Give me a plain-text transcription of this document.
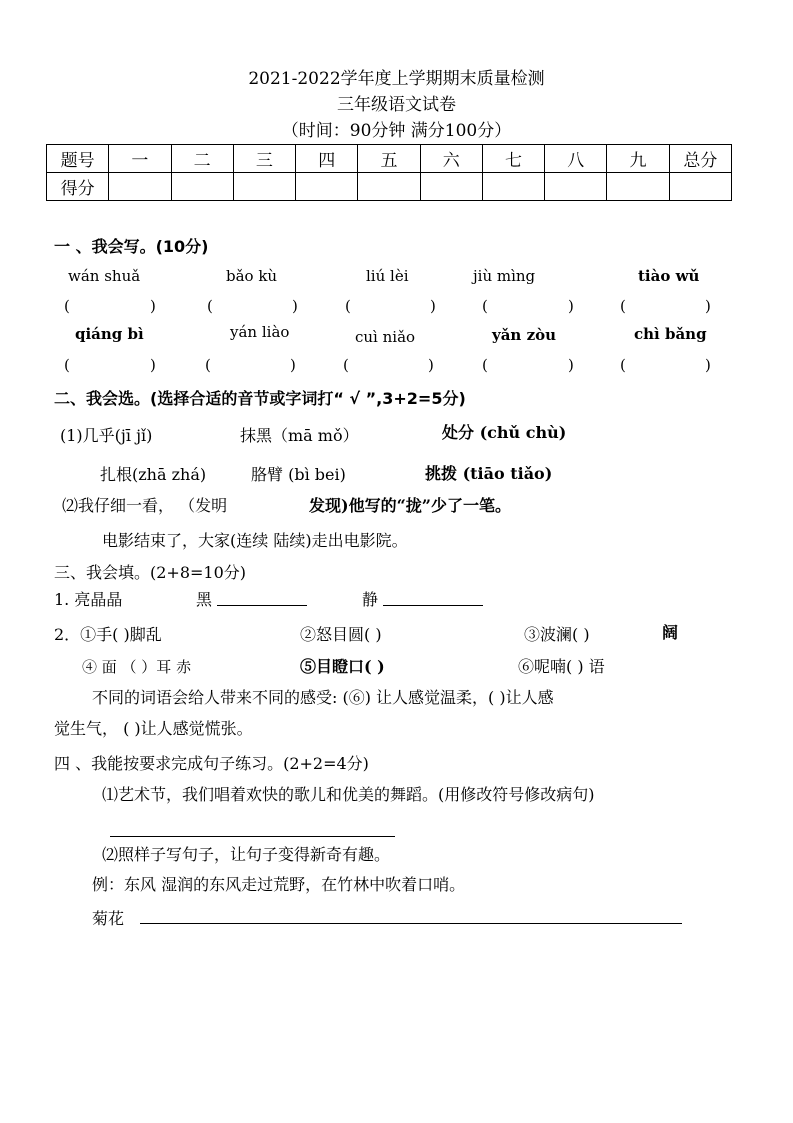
2021-2022学年度上学期期末质量检测
三年级语文试卷
（时间：90分钟 满分100分）
题号	一	二	三	四	五	六	七	八	九	总分
得分										
一 、我会写。(10分)
wán shuǎ	bǎo kù	liú lèi	jiù mìng	tiào wǔ
(	)	(	)	(	)	(	)	(	)
qiáng bì	yán liào	cuì niǎo	yǎn zòu	chì bǎng
(	)	(	)	(	)	(	)	(	)
二、我会选。(选择合适的音节或字词打“ √ ”,3+2=5分)
(1)几乎(jī jǐ)	抹黑（mā mǒ）	处分 (chǔ chù)
扎根(zhā zhá)	胳臂 (bì bei)	挑拨 (tiāo tiǎo)
⑵我仔细一看， （发明	发现)他写的“拢”少了一笔。
电影结束了，大家(连续 陆续)走出电影院。
三、我会填。(2+8=10分)
1. 亮晶晶	黑	静
2．①手( )脚乱	②怒目圆( )	③波澜( )	阔
④ 面 （ ）耳 赤	⑤目瞪口( )	⑥呢喃( ) 语
不同的词语会给人带来不同的感受: (⑥) 让人感觉温柔，( )让人感
觉生气， ( )让人感觉慌张。
四 、我能按要求完成句子练习。(2+2=4分)
⑴艺术节，我们唱着欢快的歌儿和优美的舞蹈。(用修改符号修改病句)
⑵照样子写句子，让句子变得新奇有趣。
例：东风 湿润的东风走过荒野，在竹林中吹着口哨。
菊花
